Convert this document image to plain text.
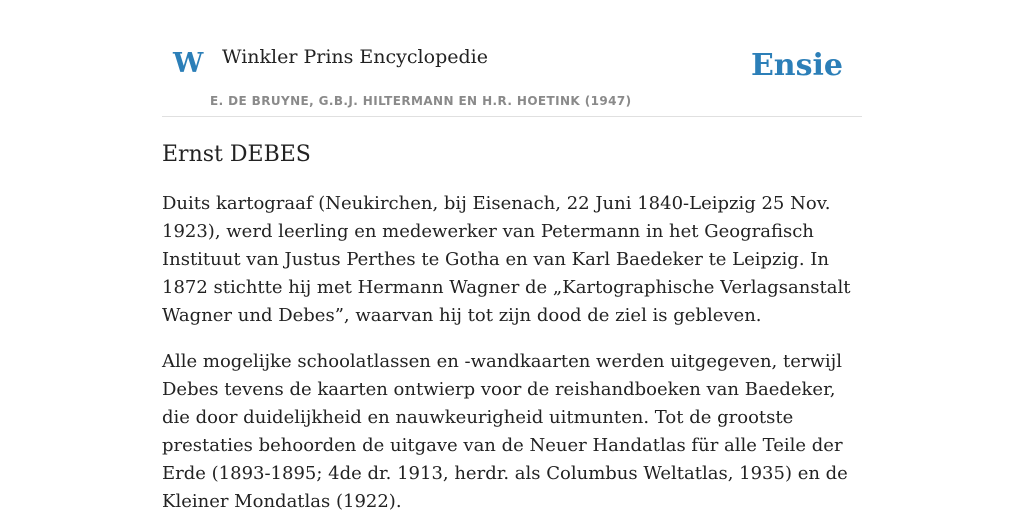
W Winkler Prins Encyclopedie
E. DE BRUYNE, G.B.J. HILTERMANN EN H.R. HOETINK (1947)
Ensie
Ernst DEBES

Duits kartograaf (Neukirchen, bij Eisenach, 22 Juni 1840-Leipzig 25 Nov. 1923), werd leerling en medewerker van Petermann in het Geografisch Instituut van Justus Perthes te Gotha en van Karl Baedeker te Leipzig. In 1872 stichtte hij met Hermann Wagner de „Kartographische Verlagsanstalt Wagner und Debes”, waarvan hij tot zijn dood de ziel is gebleven.

Alle mogelijke schoolatlassen en -wandkaarten werden uitgegeven, terwijl Debes tevens de kaarten ontwierp voor de reishandboeken van Baedeker, die door duidelijkheid en nauwkeurigheid uitmunten. Tot de grootste prestaties behoorden de uitgave van de Neuer Handatlas für alle Teile der Erde (1893-1895; 4de dr. 1913, herdr. als Columbus Weltatlas, 1935) en de Kleiner Mondatlas (1922).
